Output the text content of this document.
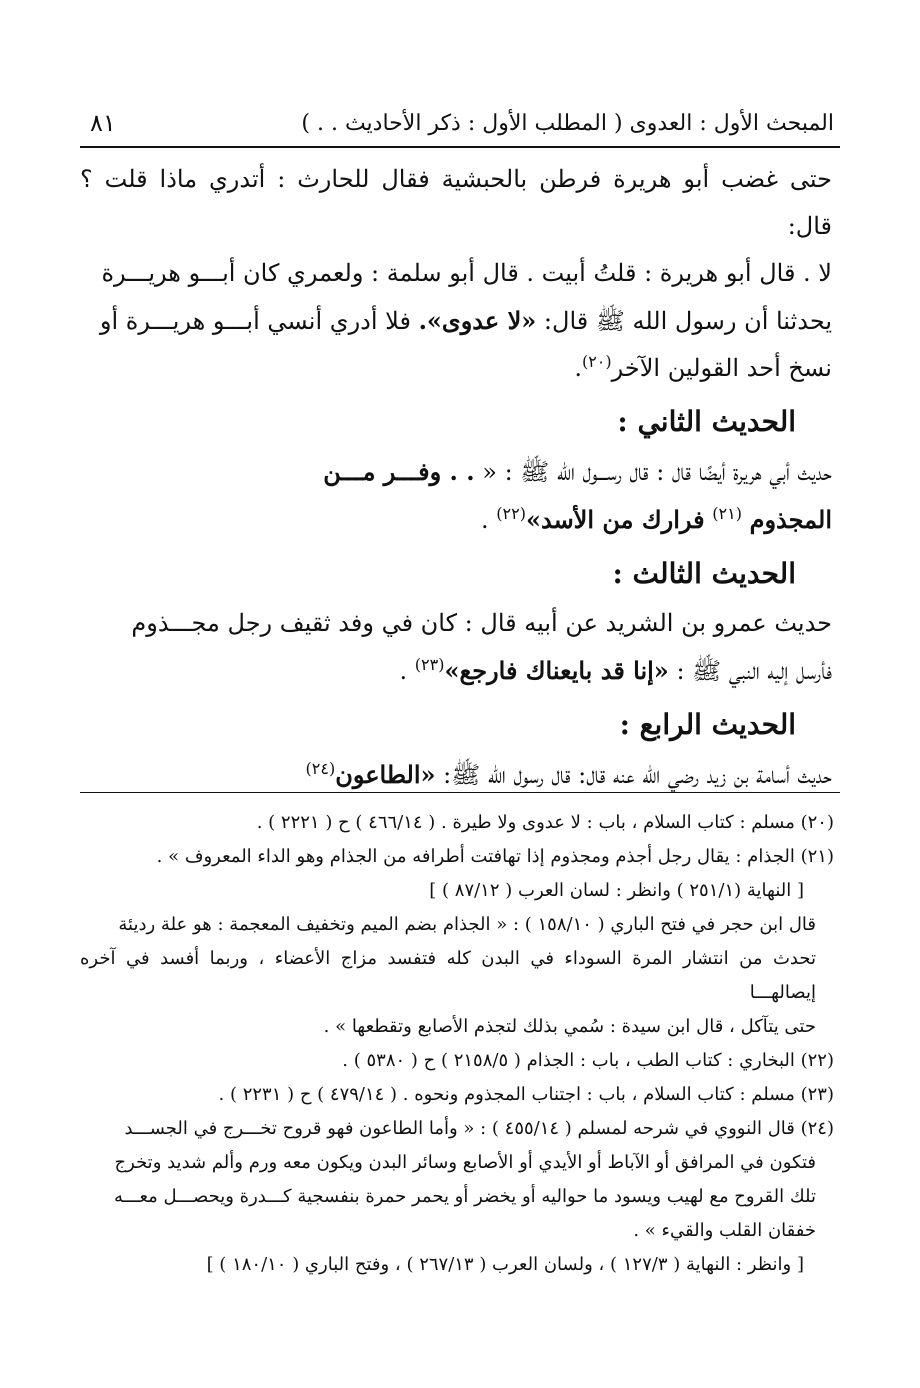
المبحث الأول : العدوى ( المطلب الأول : ذكر الأحاديث . . )
٨١

حتى غضب أبو هريرة فرطن بالحبشية فقال للحارث : أتدري ماذا قلت ؟ قال:

لا . قال أبو هريرة : قلتُ أبيت . قال أبو سلمة : ولعمري كان أبـــو هريـــرة

يحدثنا أن رسول الله ﷺ قال: «لا عدوى». فلا أدري أنسي أبـــو هريـــرة أو

نسخ أحد القولين الآخر$^{(٢٠)}$.

الحديث الثاني :

حديث أبي هريرة أيضًا قال : قال رســـول الله ﷺ : « . . وفـــر مـــن

المجذوم $^{(٢١)}$ فرارك من الأسد»$^{(٢٢)}$ .

الحديث الثالث :

حديث عمرو بن الشريد عن أبيه قال : كان في وفد ثقيف رجل مجـــذوم

فأرسل إليه النبي ﷺ : «إنا قد بايعناك فارجع»$^{(٢٣)}$ .

الحديث الرابع :

حديث أسامة بن زيد رضي الله عنه قال: قال رسول الله ﷺ: «الطاعون$^{(٢٤)}$

(٢٠) مسلم : كتاب السلام ، باب : لا عدوى ولا طيرة . ( ٤٦٦/١٤ ) ح ( ٢٢٢١ ) .

(٢١) الجذام : يقال رجل أجذم ومجذوم إذا تهافتت أطرافه من الجذام وهو الداء المعروف » .

[ النهاية (٢٥١/١ ) وانظر : لسان العرب ( ٨٧/١٢ ) ]

قال ابن حجر في فتح الباري ( ١٥٨/١٠ ) : « الجذام بضم الميم وتخفيف المعجمة : هو علة رديئة

تحدث من انتشار المرة السوداء في البدن كله فتفسد مزاج الأعضاء ، وربما أفسد في آخره إيصالهـــا

حتى يتآكل ، قال ابن سيدة : سُمي بذلك لتجذم الأصابع وتقطعها » .

(٢٢) البخاري : كتاب الطب ، باب : الجذام ( ٢١٥٨/٥ ) ح ( ٥٣٨٠ ) .

(٢٣) مسلم : كتاب السلام ، باب : اجتناب المجذوم ونحوه . ( ٤٧٩/١٤ ) ح ( ٢٢٣١ ) .

(٢٤) قال النووي في شرحه لمسلم ( ٤٥٥/١٤ ) : « وأما الطاعون فهو قروح تخـــرج في الجســـد

فتكون في المرافق أو الآباط أو الأيدي أو الأصابع وسائر البدن ويكون معه ورم وألم شديد وتخرج

تلك القروح مع لهيب ويسود ما حواليه أو يخضر أو يحمر حمرة بنفسجية كـــدرة ويحصـــل معـــه

خفقان القلب والقيء » .

[ وانظر : النهاية ( ١٢٧/٣ ) ، ولسان العرب ( ٢٦٧/١٣ ) ، وفتح الباري ( ١٨٠/١٠ ) ]
